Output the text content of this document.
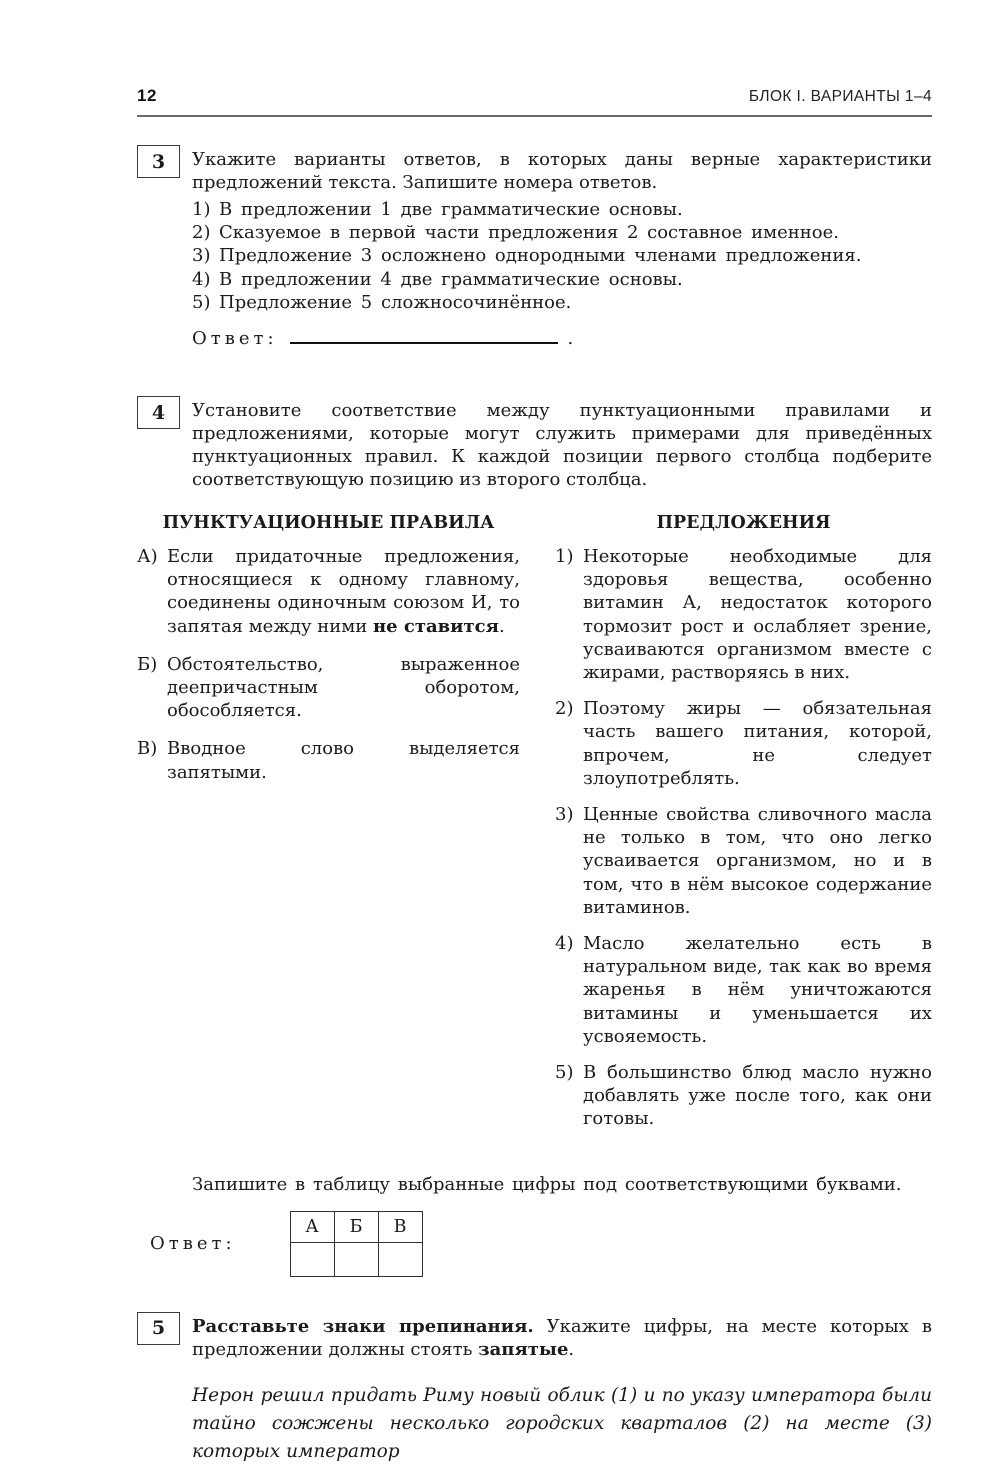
12	БЛОК I. ВАРИАНТЫ 1–4
3	Укажите варианты ответов, в которых даны верные характеристики предложений текста. Запишите номера ответов.

1) В предложении 1 две грамматические основы.
2) Сказуемое в первой части предложения 2 составное именное.
3) Предложение 3 осложнено однородными членами предложения.
4) В предложении 4 две грамматические основы.
5) Предложение 5 сложносочинённое.
Ответ:	.
4	Установите соответствие между пунктуационными правилами и предложениями, которые могут служить примерами для приведённых пунктуационных правил. К каждой позиции первого столбца подберите соответствующую позицию из второго столбца.

ПУНКТУАЦИОННЫЕ ПРАВИЛА	ПРЕДЛОЖЕНИЯ
А) Если придаточные предложения, относящиеся к одному главному, соединены одиночным союзом И, то запятая между ними не ставится.
Б) Обстоятельство, выраженное деепричастным оборотом, обособляется.
В) Вводное слово выделяется запятыми.
1) Некоторые необходимые для здоровья вещества, особенно витамин А, недостаток которого тормозит рост и ослабляет зрение, усваиваются организмом вместе с жирами, растворяясь в них.
2) Поэтому жиры — обязательная часть вашего питания, которой, впрочем, не следует злоупотреблять.
3) Ценные свойства сливочного масла не только в том, что оно легко усваивается организмом, но и в том, что в нём высокое содержание витаминов.
4) Масло желательно есть в натуральном виде, так как во время жаренья в нём уничтожаются витамины и уменьшается их усвояемость.
5) В большинство блюд масло нужно добавлять уже после того, как они готовы.

Запишите в таблицу выбранные цифры под соответствующими буквами.

Ответ:
А	Б	В

5	Расставьте знаки препинания. Укажите цифры, на месте которых в предложении должны стоять запятые.

Нерон решил придать Риму новый облик (1) и по указу императора были тайно сожжены несколько городских кварталов (2) на месте (3) которых император
